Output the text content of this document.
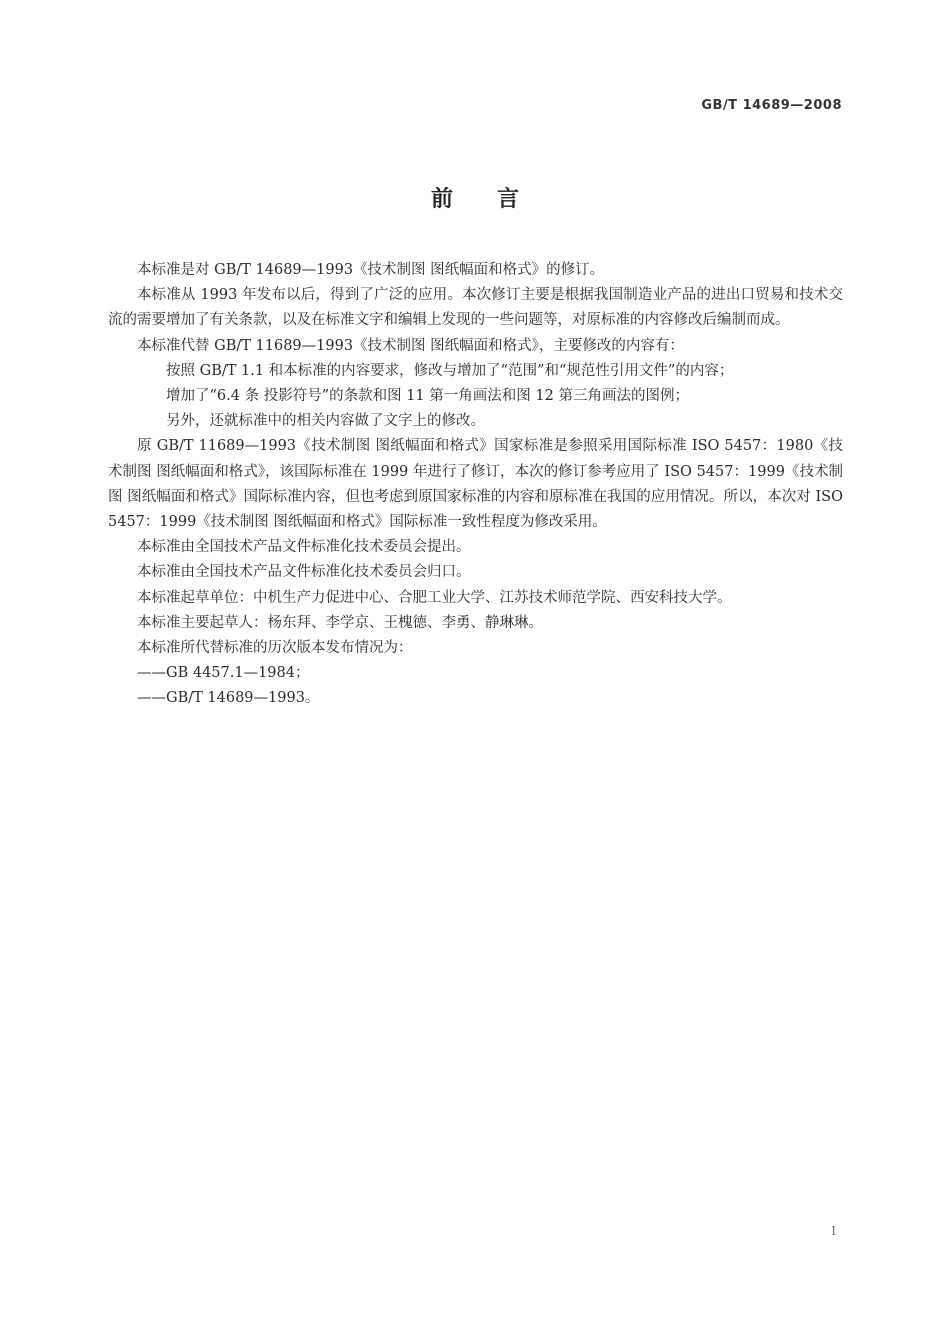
GB/T 14689—2008
前言

本标准是对 GB/T 14689—1993《技术制图 图纸幅面和格式》的修订。

本标准从 1993 年发布以后，得到了广泛的应用。本次修订主要是根据我国制造业产品的进出口贸易和技术交流的需要增加了有关条款，以及在标准文字和编辑上发现的一些问题等，对原标准的内容修改后编制而成。

本标准代替 GB/T 11689—1993《技术制图 图纸幅面和格式》，主要修改的内容有：

按照 GB/T 1.1 和本标准的内容要求，修改与增加了“范围”和“规范性引用文件”的内容；

增加了“6.4 条 投影符号”的条款和图 11 第一角画法和图 12 第三角画法的图例；

另外，还就标准中的相关内容做了文字上的修改。

原 GB/T 11689—1993《技术制图 图纸幅面和格式》国家标准是参照采用国际标准 ISO 5457：1980《技术制图 图纸幅面和格式》，该国际标准在 1999 年进行了修订，本次的修订参考应用了 ISO 5457：1999《技术制图 图纸幅面和格式》国际标准内容，但也考虑到原国家标准的内容和原标准在我国的应用情况。所以，本次对 ISO 5457：1999《技术制图 图纸幅面和格式》国际标准一致性程度为修改采用。

本标准由全国技术产品文件标准化技术委员会提出。

本标准由全国技术产品文件标准化技术委员会归口。

本标准起草单位：中机生产力促进中心、合肥工业大学、江苏技术师范学院、西安科技大学。

本标准主要起草人：杨东拜、李学京、王槐德、李勇、静琳琳。

本标准所代替标准的历次版本发布情况为：

——GB 4457.1—1984；

——GB/T 14689—1993。

I
